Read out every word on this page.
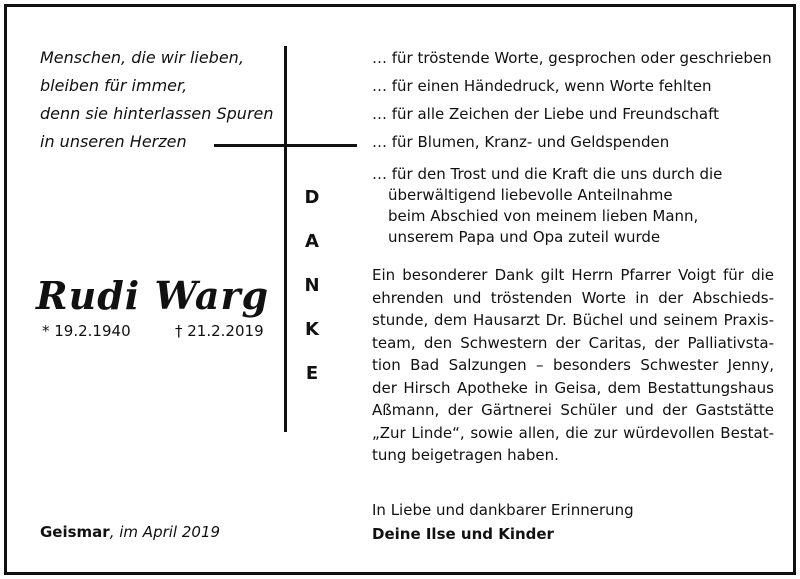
Menschen, die wir lieben,
bleiben für immer,
denn sie hinterlassen Spuren
in unseren Herzen
Rudi Warg
* 19.2.1940	† 21.2.2019
Geismar, im April 2019
D
A
N
K
E
… für tröstende Worte, gesprochen oder geschrieben
… für einen Händedruck, wenn Worte fehlten
… für alle Zeichen der Liebe und Freundschaft
… für Blumen, Kranz- und Geldspenden
… für den Trost und die Kraft die uns durch die
überwältigend liebevolle Anteilnahme
beim Abschied von meinem lieben Mann,
unserem Papa und Opa zuteil wurde
Ein besonderer Dank gilt Herrn Pfarrer Voigt für die
ehrenden und tröstenden Worte in der Abschieds-
stunde, dem Hausarzt Dr. Büchel und seinem Praxis-
team, den Schwestern der Caritas, der Palliativsta-
tion Bad Salzungen – besonders Schwester Jenny,
der Hirsch Apotheke in Geisa, dem Bestattungshaus
Aßmann, der Gärtnerei Schüler und der Gaststätte
„Zur Linde“, sowie allen, die zur würdevollen Bestat-
tung beigetragen haben.
In Liebe und dankbarer Erinnerung
Deine Ilse und Kinder
